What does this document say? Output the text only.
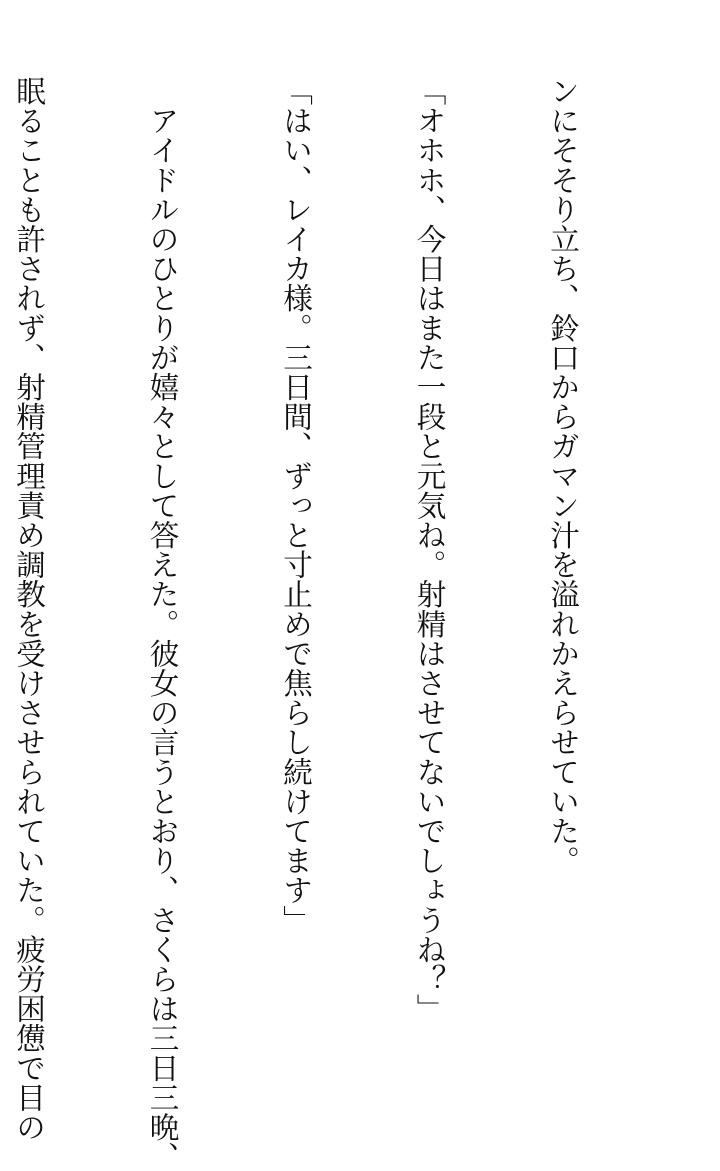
ンにそそり立ち、鈴口からガマン汁を溢れかえらせていた。

「オホホ、今日はまた一段と元気ね。射精はさせてないでしょうね？」

「はい、レイカ様。三日間、ずっと寸止めで焦らし続けてます」

　アイドルのひとりが嬉々として答えた。彼女の言うとおり、さくらは三日三晩、

眠ることも許されず、射精管理責め調教を受けさせられていた。疲労困憊で目の
